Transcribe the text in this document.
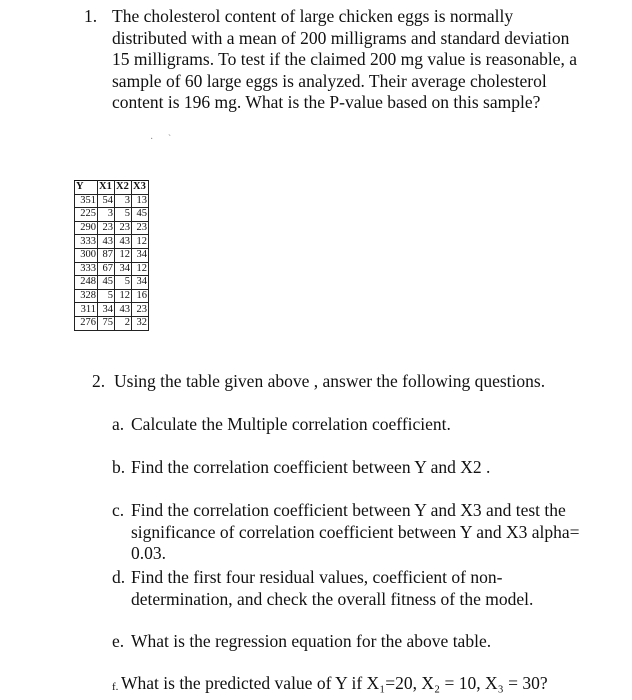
1. The cholesterol content of large chicken eggs is normally distributed with a mean of 200 milligrams and standard deviation 15 milligrams. To test if the claimed 200 mg value is reasonable, a sample of 60 large eggs is analyzed. Their average cholesterol content is 196 mg. What is the P-value based on this sample?
· `
Y	X1	X2	X3
351	54	3	13
225	3	5	45
290	23	23	23
333	43	43	12
300	87	12	34
333	67	34	12
248	45	5	34
328	5	12	16
311	34	43	23
276	75	2	32
2. Using the table given above , answer the following questions.
a. Calculate the Multiple correlation coefficient.
b. Find the correlation coefficient between Y and X2 .
c. Find the correlation coefficient between Y and X3 and test the significance of correlation coefficient between Y and X3 alpha= 0.03.
d. Find the first four residual values, coefficient of non-determination, and check the overall fitness of the model.
e. What is the regression equation for the above table.
f. What is the predicted value of Y if X₁=20, X₂ = 10, X₃ = 30?
